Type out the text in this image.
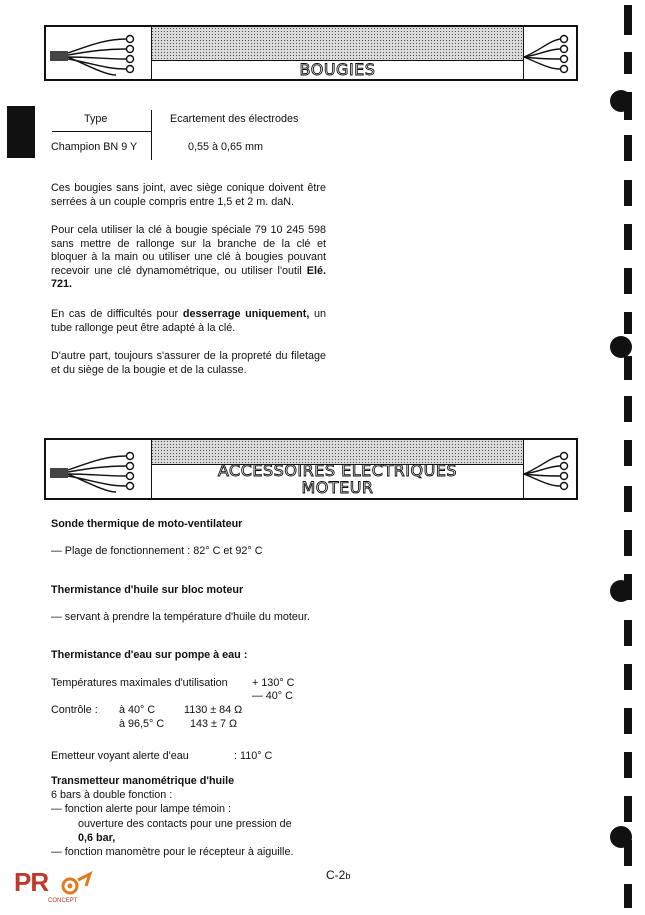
BOUGIES
Type	Ecartement des électrodes
Champion BN 9 Y	0,55 à 0,65 mm
Ces bougies sans joint, avec siège conique doivent être serrées à un couple compris entre 1,5 et 2 m. daN.
Pour cela utiliser la clé à bougie spéciale 79 10 245 598 sans mettre de rallonge sur la branche de la clé et bloquer à la main ou utiliser une clé à bougies pouvant recevoir une clé dynamométrique, ou utiliser l'outil Elé. 721.
En cas de difficultés pour desserrage uniquement, un tube rallonge peut être adapté à la clé.
D'autre part, toujours s'assurer de la propreté du filetage et du siège de la bougie et de la culasse.
ACCESSOIRES ELECTRIQUES
MOTEUR
Sonde thermique de moto-ventilateur
— Plage de fonctionnement : 82° C et 92° C
Thermistance d'huile sur bloc moteur
— servant à prendre la température d'huile du moteur.
Thermistance d'eau sur pompe à eau :
Températures maximales d'utilisation + 130° C
— 40° C
Contrôle : à 40° C	1130 ± 84 Ω
à 96,5° C 143 ± 7 Ω
Emetteur voyant alerte d'eau	: 110° C
Transmetteur manométrique d'huile
6 bars à double fonction :
— fonction alerte pour lampe témoin :
ouverture des contacts pour une pression de
0,6 bar,
— fonction manomètre pour le récepteur à aiguille.
C-2b
PR
CONCEPT
